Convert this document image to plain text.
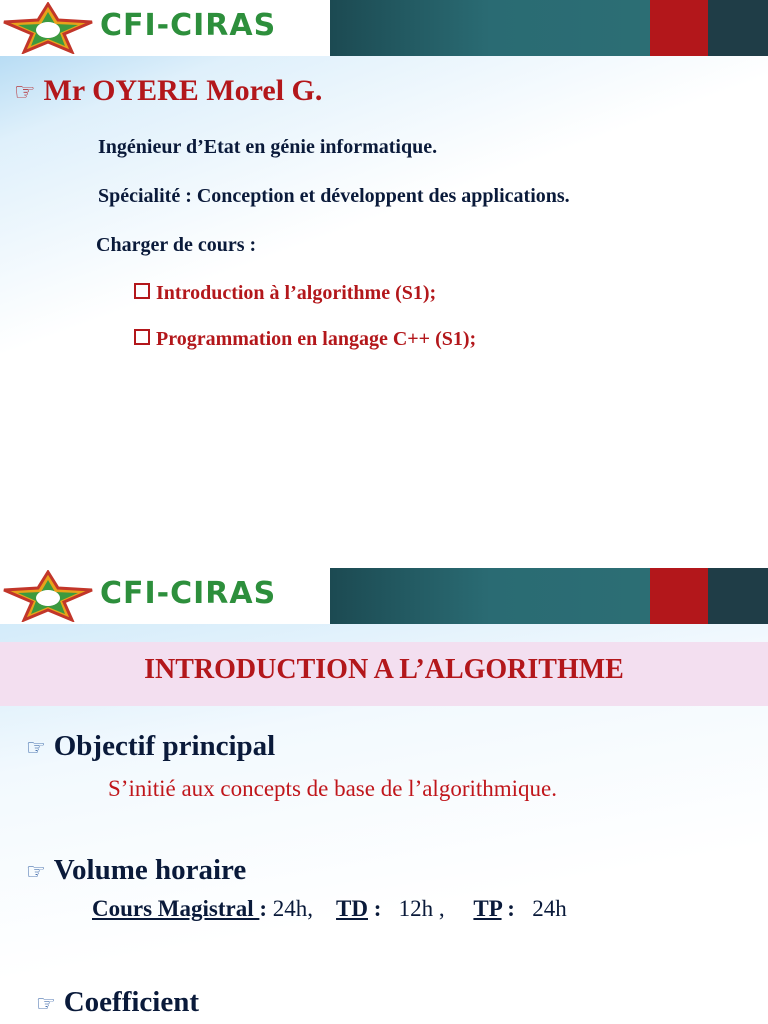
CFI-CIRAS
☞ Mr OYERE Morel G.
Ingénieur d’Etat en génie informatique.
Spécialité : Conception et développent des applications.
Charger de cours :
Introduction à l’algorithme (S1);
Programmation en langage C++ (S1);
CFI-CIRAS
INTRODUCTION A L’ALGORITHME
☞ Objectif principal
S’initié aux concepts de base de l’algorithmique.
☞ Volume horaire
Cours Magistral : 24h, TD : 12h , TP : 24h
☞ Coefficient
